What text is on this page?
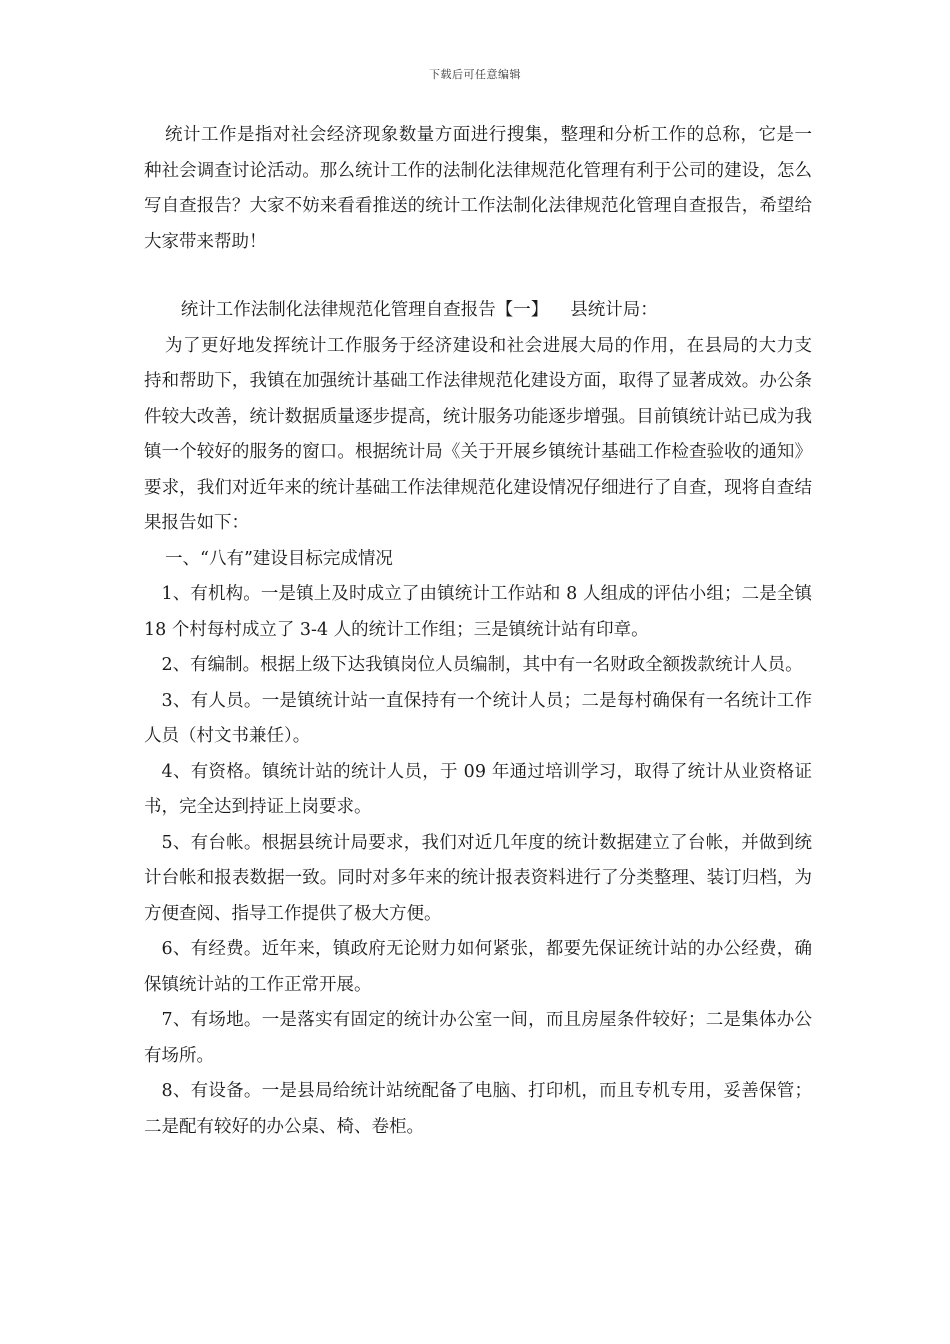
下载后可任意编辑

统计工作是指对社会经济现象数量方面进行搜集，整理和分析工作的总称，它是一种社会调查讨论活动。那么统计工作的法制化法律规范化管理有利于公司的建设，怎么写自查报告？大家不妨来看看推送的统计工作法制化法律规范化管理自查报告，希望给大家带来帮助！

统计工作法制化法律规范化管理自查报告【一】 县统计局：

为了更好地发挥统计工作服务于经济建设和社会进展大局的作用，在县局的大力支持和帮助下，我镇在加强统计基础工作法律规范化建设方面，取得了显著成效。办公条件较大改善，统计数据质量逐步提高，统计服务功能逐步增强。目前镇统计站已成为我镇一个较好的服务的窗口。根据统计局《关于开展乡镇统计基础工作检查验收的通知》要求，我们对近年来的统计基础工作法律规范化建设情况仔细进行了自查，现将自查结果报告如下：

一、“八有”建设目标完成情况

1、有机构。一是镇上及时成立了由镇统计工作站和 8 人组成的评估小组；二是全镇 18 个村每村成立了 3-4 人的统计工作组；三是镇统计站有印章。

2、有编制。根据上级下达我镇岗位人员编制，其中有一名财政全额拨款统计人员。

3、有人员。一是镇统计站一直保持有一个统计人员；二是每村确保有一名统计工作人员（村文书兼任）。

4、有资格。镇统计站的统计人员，于 09 年通过培训学习，取得了统计从业资格证书，完全达到持证上岗要求。

5、有台帐。根据县统计局要求，我们对近几年度的统计数据建立了台帐，并做到统计台帐和报表数据一致。同时对多年来的统计报表资料进行了分类整理、装订归档，为方便查阅、指导工作提供了极大方便。

6、有经费。近年来，镇政府无论财力如何紧张，都要先保证统计站的办公经费，确保镇统计站的工作正常开展。

7、有场地。一是落实有固定的统计办公室一间，而且房屋条件较好；二是集体办公有场所。

8、有设备。一是县局给统计站统配备了电脑、打印机，而且专机专用，妥善保管；二是配有较好的办公桌、椅、卷柜。
